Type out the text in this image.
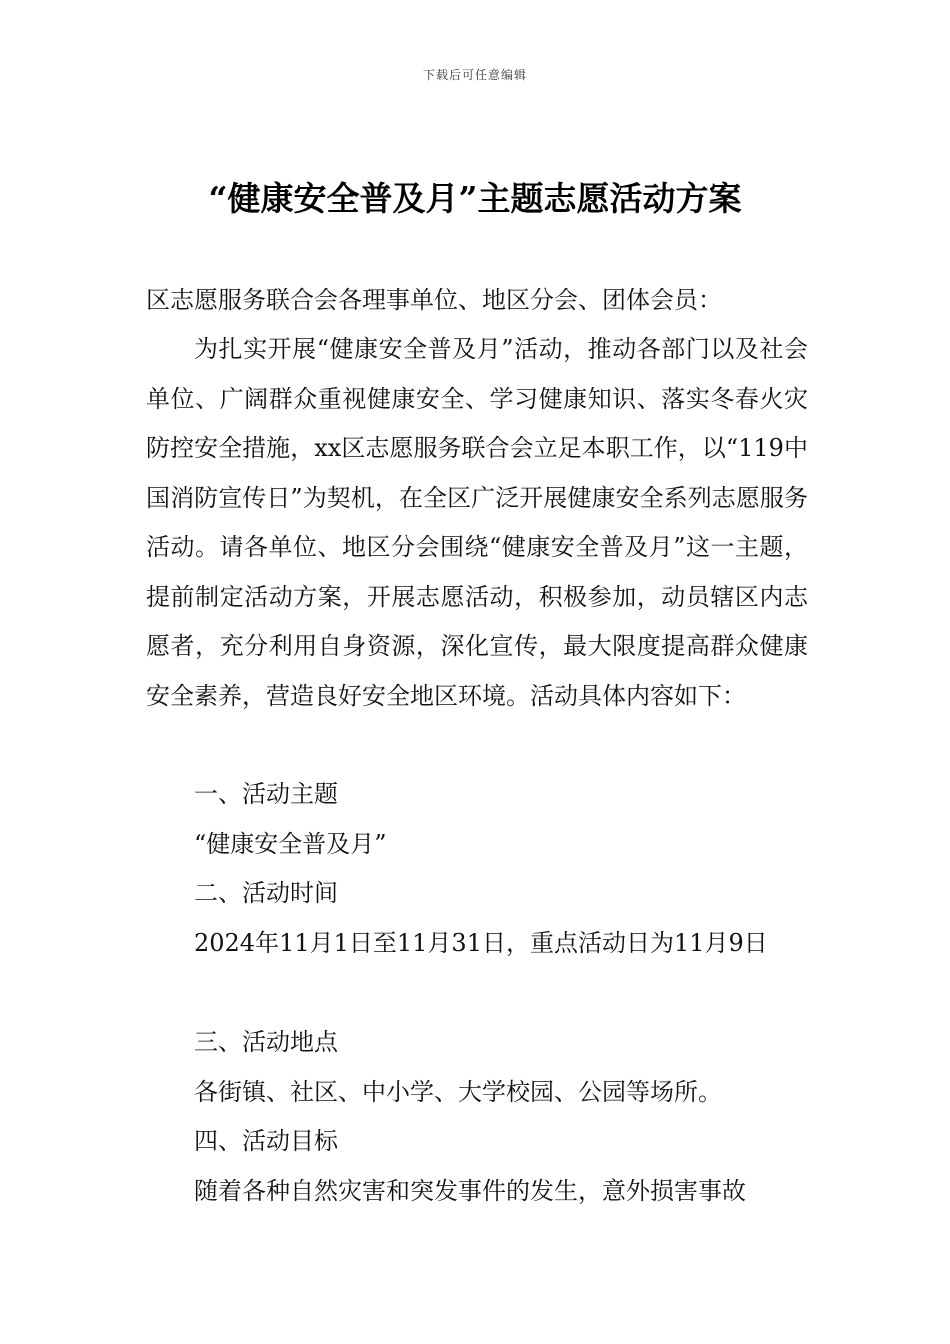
下载后可任意编辑
“健康安全普及月”主题志愿活动方案

区志愿服务联合会各理事单位、地区分会、团体会员：

为扎实开展“健康安全普及月”活动，推动各部门以及社会单位、广阔群众重视健康安全、学习健康知识、落实冬春火灾防控安全措施，xx区志愿服务联合会立足本职工作，以“119中国消防宣传日”为契机，在全区广泛开展健康安全系列志愿服务活动。请各单位、地区分会围绕“健康安全普及月”这一主题，提前制定活动方案，开展志愿活动，积极参加，动员辖区内志愿者，充分利用自身资源，深化宣传，最大限度提高群众健康安全素养，营造良好安全地区环境。活动具体内容如下：

一、活动主题

“健康安全普及月”

二、活动时间

2024年11月1日至11月31日，重点活动日为11月9日

三、活动地点

各街镇、社区、中小学、大学校园、公园等场所。

四、活动目标

随着各种自然灾害和突发事件的发生，意外损害事故
